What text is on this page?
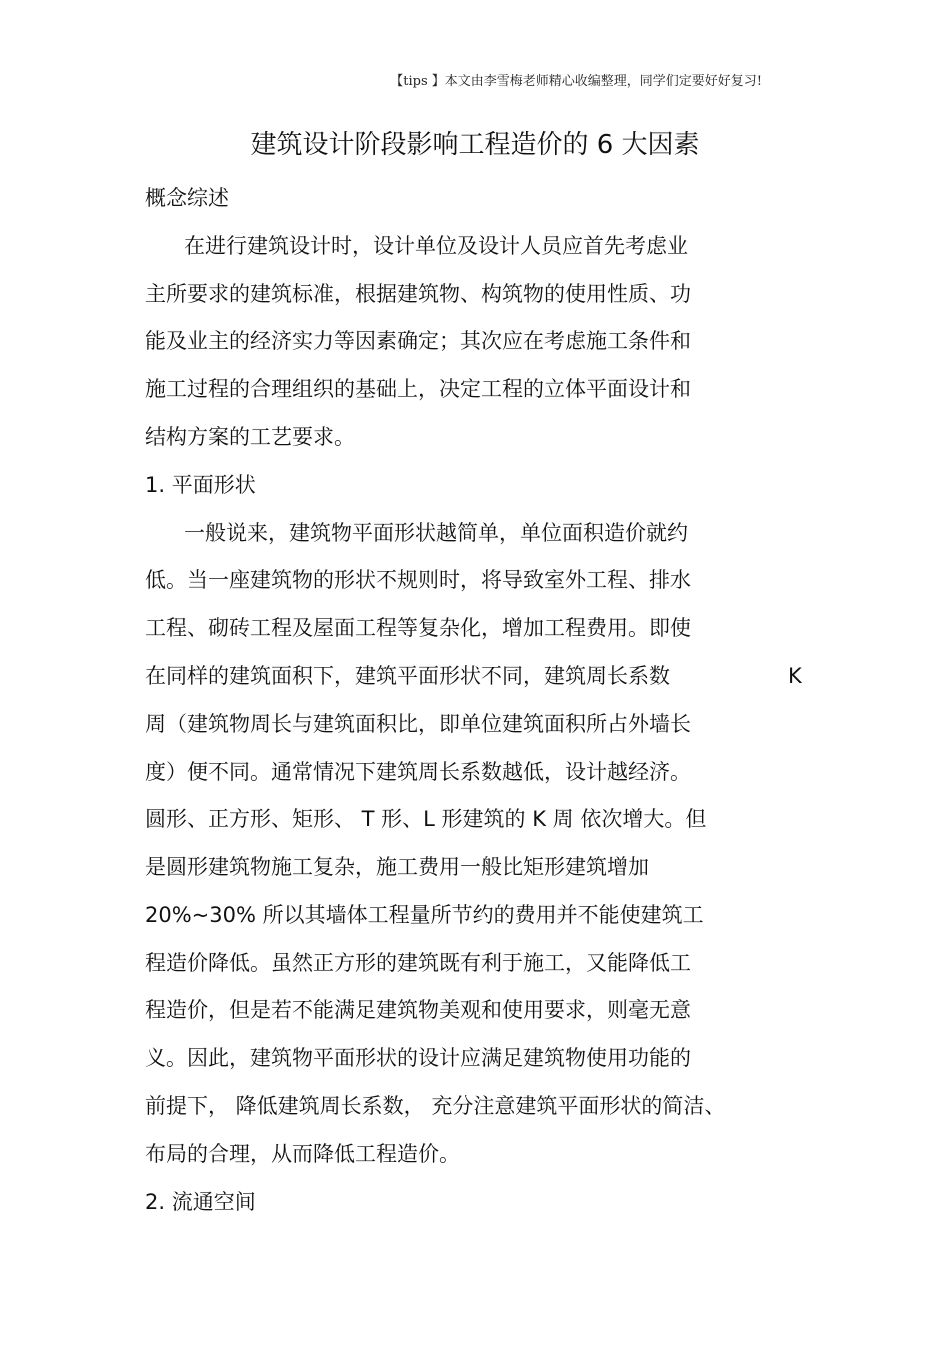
【tips 】本文由李雪梅老师精心收编整理，同学们定要好好复习!
建筑设计阶段影响工程造价的 6 大因素
概念综述
在进行建筑设计时，设计单位及设计人员应首先考虑业
主所要求的建筑标准，根据建筑物、构筑物的使用性质、功
能及业主的经济实力等因素确定；其次应在考虑施工条件和
施工过程的合理组织的基础上，决定工程的立体平面设计和
结构方案的工艺要求。
1. 平面形状
一般说来，建筑物平面形状越简单，单位面积造价就约
低。当一座建筑物的形状不规则时，将导致室外工程、排水
工程、砌砖工程及屋面工程等复杂化，增加工程费用。即使
在同样的建筑面积下，建筑平面形状不同，建筑周长系数	K
周（建筑物周长与建筑面积比，即单位建筑面积所占外墙长
度）便不同。通常情况下建筑周长系数越低，设计越经济。
圆形、正方形、矩形、 T 形、L 形建筑的 K 周 依次增大。但
是圆形建筑物施工复杂，施工费用一般比矩形建筑增加
20%~30% 所以其墙体工程量所节约的费用并不能使建筑工
程造价降低。虽然正方形的建筑既有利于施工，又能降低工
程造价，但是若不能满足建筑物美观和使用要求，则毫无意
义。因此，建筑物平面形状的设计应满足建筑物使用功能的
前提下， 降低建筑周长系数， 充分注意建筑平面形状的简洁、
布局的合理，从而降低工程造价。
2. 流通空间
